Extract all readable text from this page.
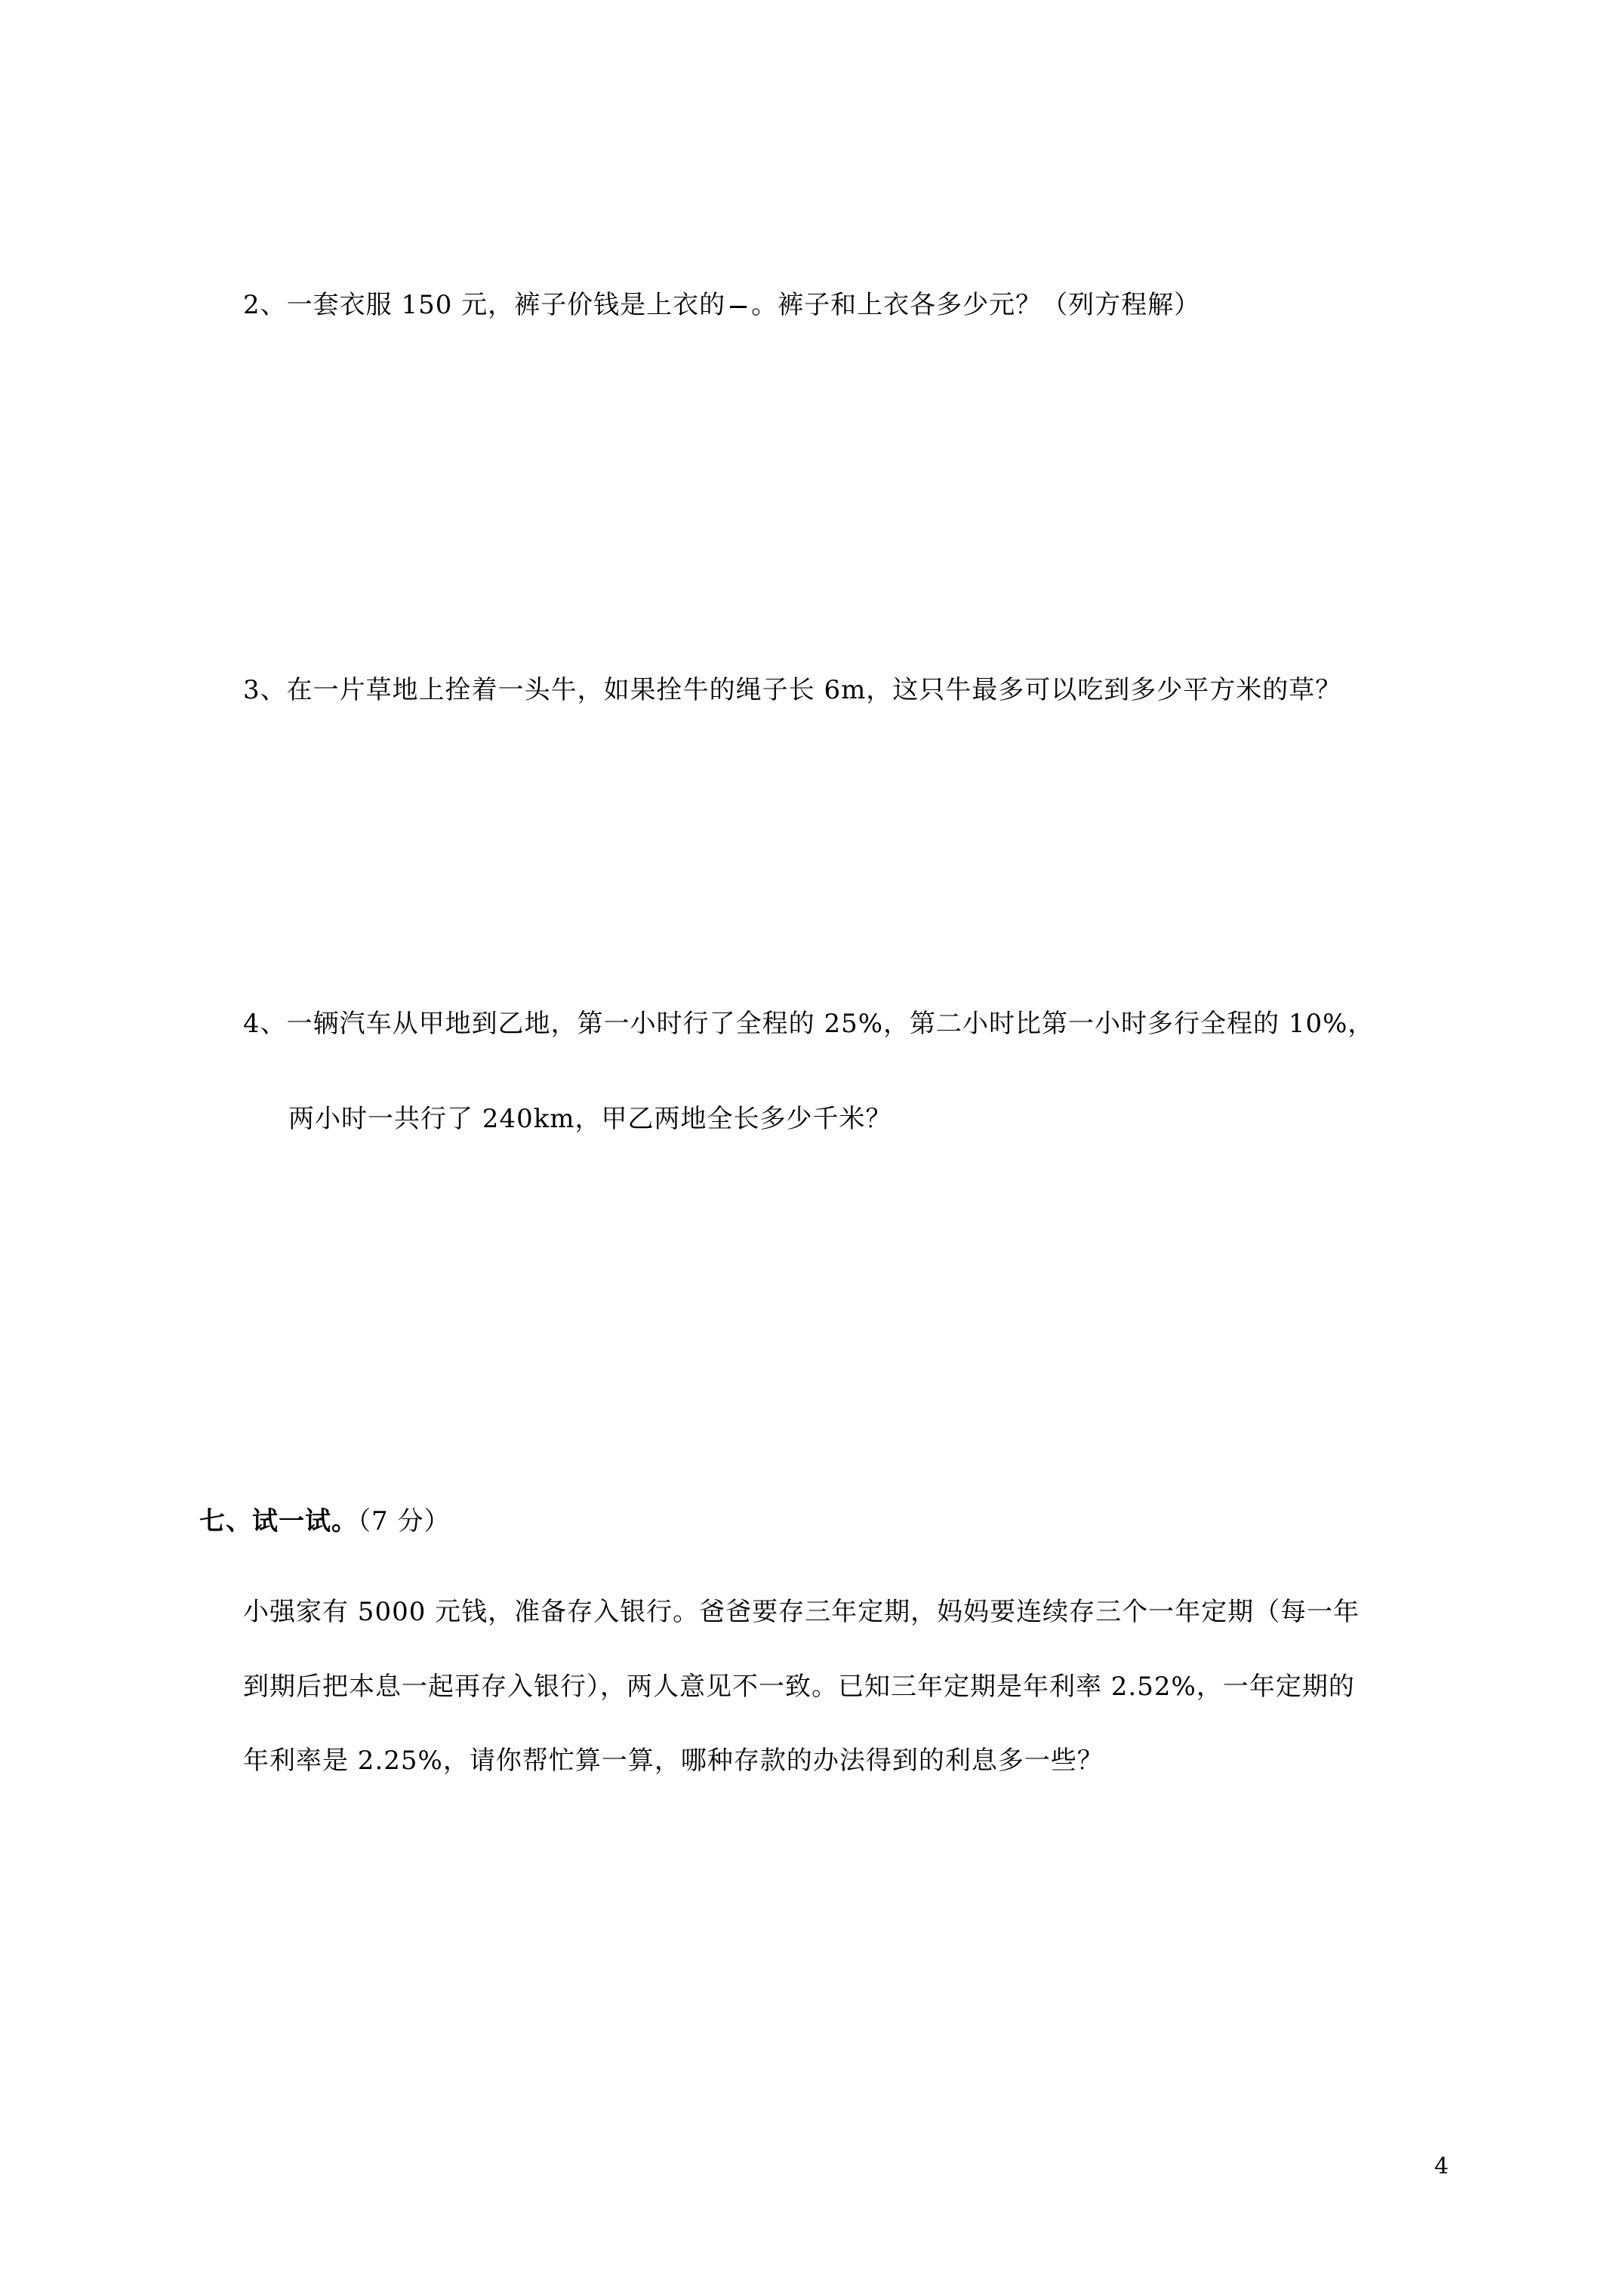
2、一套衣服 150 元，裤子价钱是上衣的 。裤子和上衣各多少元？（列方程解）
3、在一片草地上拴着一头牛，如果拴牛的绳子长 6m，这只牛最多可以吃到多少平方米的草？
4、一辆汽车从甲地到乙地，第一小时行了全程的 25%，第二小时比第一小时多行全程的 10%，
两小时一共行了 240km，甲乙两地全长多少千米？
七、试一试。（7 分）
小强家有 5000 元钱，准备存入银行。爸爸要存三年定期，妈妈要连续存三个一年定期（每一年
到期后把本息一起再存入银行），两人意见不一致。已知三年定期是年利率 2.52%，一年定期的
年利率是 2.25%，请你帮忙算一算，哪种存款的办法得到的利息多一些？
4
